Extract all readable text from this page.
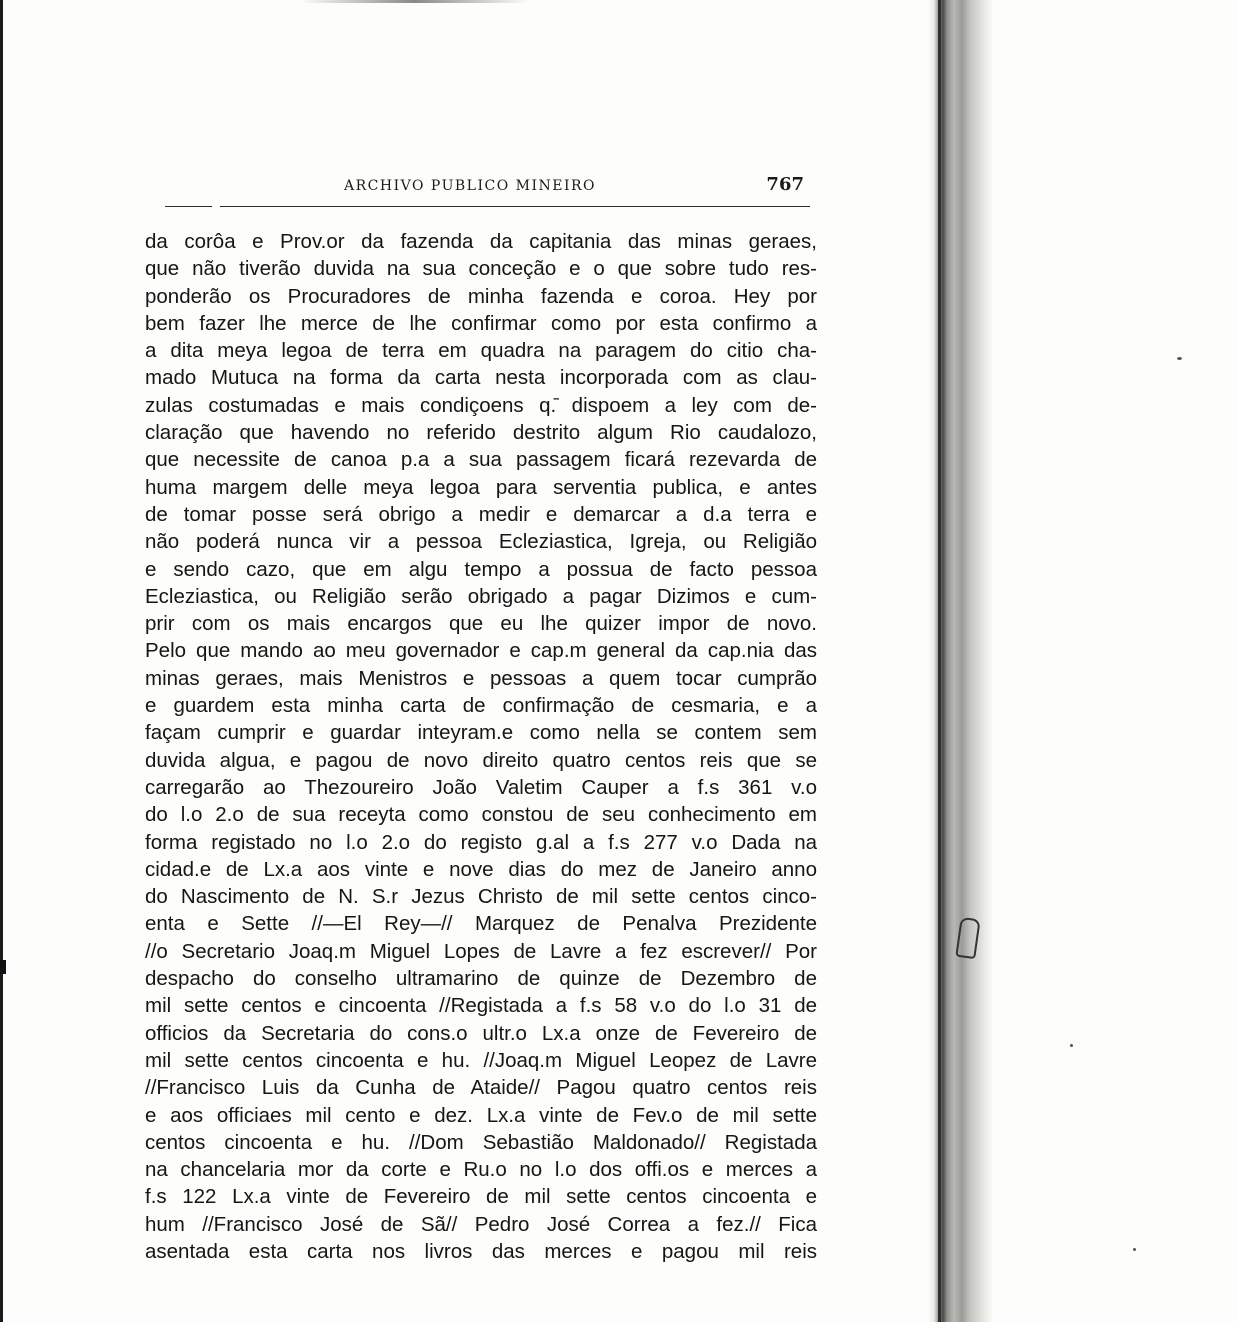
ARCHIVO PUBLICO MINEIRO	767
da corôa e Prov.or da fazenda da capitania das minas geraes,
que não tiverão duvida na sua conceção e o que sobre tudo res-
ponderão os Procuradores de minha fazenda e coroa. Hey por
bem fazer lhe merce de lhe confirmar como por esta confirmo a
a dita meya legoa de terra em quadra na paragem do citio cha-
mado Mutuca na forma da carta nesta incorporada com as clau-
zulas costumadas e mais condiçoens q.̄ dispoem a ley com de-
claração que havendo no referido destrito algum Rio caudalozo,
que necessite de canoa p.a a sua passagem ficará rezevarda de
huma margem delle meya legoa para serventia publica, e antes
de tomar posse será obrigo a medir e demarcar a d.a terra e
não poderá nunca vir a pessoa Ecleziastica, Igreja, ou Religião
e sendo cazo, que em algu tempo a possua de facto pessoa
Ecleziastica, ou Religião serão obrigado a pagar Dizimos e cum-
prir com os mais encargos que eu lhe quizer impor de novo.
Pelo que mando ao meu governador e cap.m general da cap.nia das
minas geraes, mais Menistros e pessoas a quem tocar cumprão
e guardem esta minha carta de confirmação de cesmaria, e a
façam cumprir e guardar inteyram.e como nella se contem sem
duvida algua, e pagou de novo direito quatro centos reis que se
carregarão ao Thezoureiro João Valetim Cauper a f.s 361 v.o
do l.o 2.o de sua receyta como constou de seu conhecimento em
forma registado no l.o 2.o do registo g.al a f.s 277 v.o Dada na
cidad.e de Lx.a aos vinte e nove dias do mez de Janeiro anno
do Nascimento de N. S.r Jezus Christo de mil sette centos cinco-
enta e Sette //—El Rey—// Marquez de Penalva Prezidente
//o Secretario Joaq.m Miguel Lopes de Lavre a fez escrever// Por
despacho do conselho ultramarino de quinze de Dezembro de
mil sette centos e cincoenta //Registada a f.s 58 v.o do l.o 31 de
officios da Secretaria do cons.o ultr.o Lx.a onze de Fevereiro de
mil sette centos cincoenta e hu. //Joaq.m Miguel Leopez de Lavre
//Francisco Luis da Cunha de Ataide// Pagou quatro centos reis
e aos officiaes mil cento e dez. Lx.a vinte de Fev.o de mil sette
centos cincoenta e hu. //Dom Sebastião Maldonado// Registada
na chancelaria mor da corte e Ru.o no l.o dos offi.os e merces a
f.s 122 Lx.a vinte de Fevereiro de mil sette centos cincoenta e
hum //Francisco José de Sã// Pedro José Correa a fez.// Fica
asentada esta carta nos livros das merces e pagou mil reis
